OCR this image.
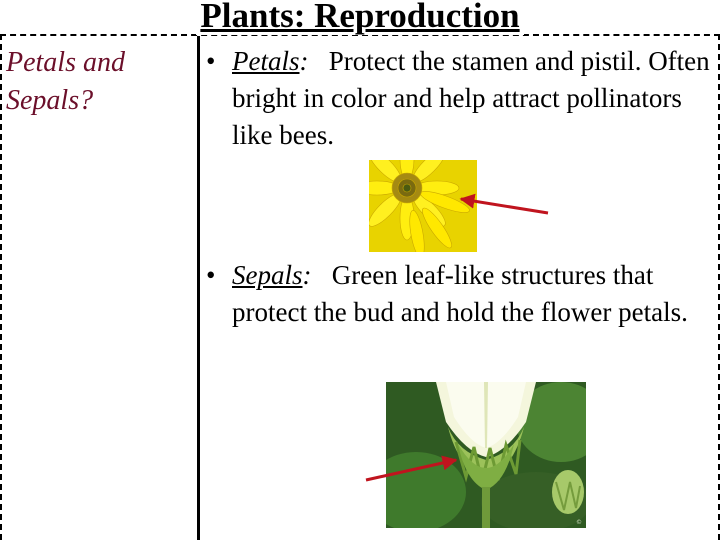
Plants: Reproduction
Petals and Sepals?
• Petals: Protect the stamen and pistil. Often bright in color and help attract pollinators like bees.
• Sepals: Green leaf-like structures that protect the bud and hold the flower petals.
©
